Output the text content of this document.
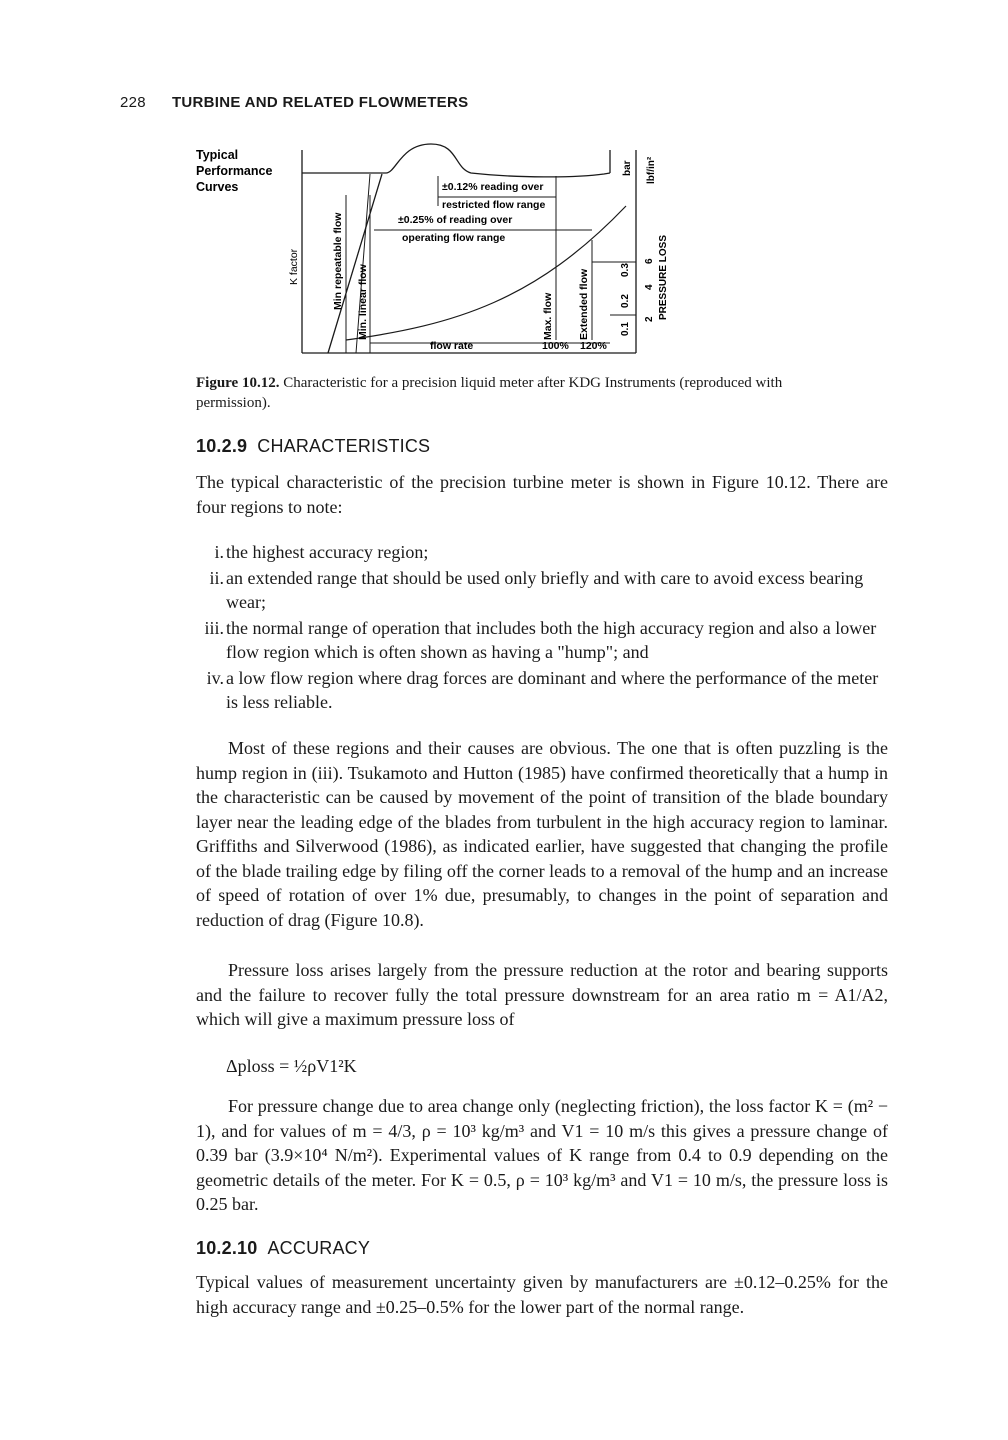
228 TURBINE AND RELATED FLOWMETERS
Typical
Performance
Curves	±0.12% reading over
restricted flow range
±0.25% of reading over
operating flow range
K factor	Min repeatable flow Min. linear flow	Max. flow Extended flow
flow rate	100% 120%
bar lbf/in²
0.1
0.2
0.3
2
4
6 PRESSURE LOSS
Figure 10.12. Characteristic for a precision liquid meter after KDG Instruments (reproduced with permission).
10.2.9 CHARACTERISTICS

The typical characteristic of the precision turbine meter is shown in Figure 10.12. There are four regions to note:

i. the highest accuracy region;
ii. an extended range that should be used only briefly and with care to avoid excess bearing wear;
iii. the normal range of operation that includes both the high accuracy region and also a lower flow region which is often shown as having a "hump"; and
iv. a low flow region where drag forces are dominant and where the performance of the meter is less reliable.

Most of these regions and their causes are obvious. The one that is often puzzling is the hump region in (iii). Tsukamoto and Hutton (1985) have confirmed theoretically that a hump in the characteristic can be caused by movement of the point of transition of the blade boundary layer near the leading edge of the blades from turbulent in the high accuracy region to laminar. Griffiths and Silverwood (1986), as indicated earlier, have suggested that changing the profile of the blade trailing edge by filing off the corner leads to a removal of the hump and an increase of speed of rotation of over 1% due, presumably, to changes in the point of separation and reduction of drag (Figure 10.8).

Pressure loss arises largely from the pressure reduction at the rotor and bearing supports and the failure to recover fully the total pressure downstream for an area ratio m = A1/A2, which will give a maximum pressure loss of

Δploss = ½ρV1²K

For pressure change due to area change only (neglecting friction), the loss factor K = (m² − 1), and for values of m = 4/3, ρ = 10³ kg/m³ and V1 = 10 m/s this gives a pressure change of 0.39 bar (3.9×10⁴ N/m²). Experimental values of K range from 0.4 to 0.9 depending on the geometric details of the meter. For K = 0.5, ρ = 10³ kg/m³ and V1 = 10 m/s, the pressure loss is 0.25 bar.

10.2.10 ACCURACY

Typical values of measurement uncertainty given by manufacturers are ±0.12–0.25% for the high accuracy range and ±0.25–0.5% for the lower part of the normal range.
